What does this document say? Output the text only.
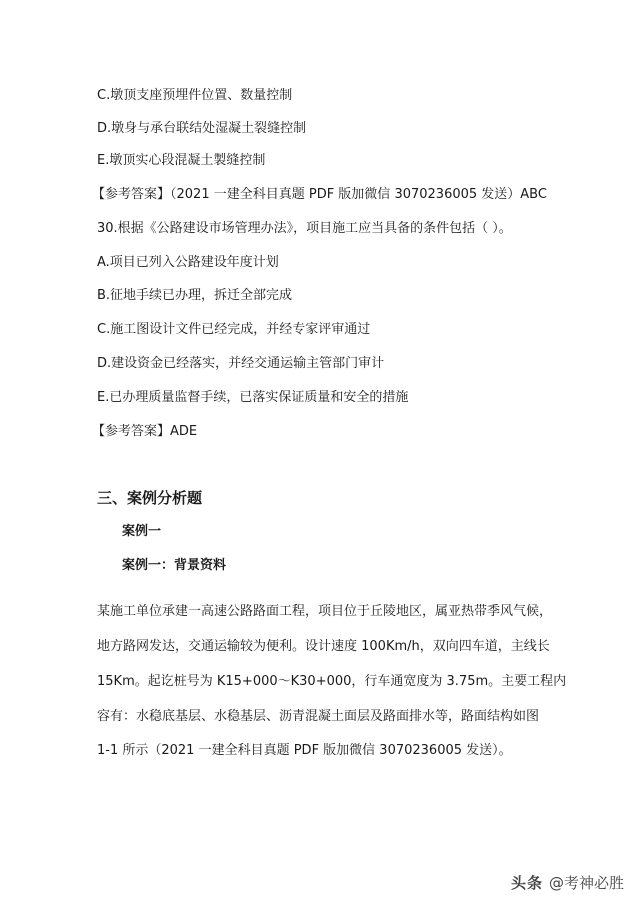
C.墩顶支座预埋件位置、数量控制
D.墩身与承台联结处湿凝土裂缝控制
E.墩顶实心段混凝土製缝控制
【参考答案】（2021 一建全科目真题 PDF 版加微信 3070236005 发送）ABC
30.根据《公路建设市场管理办法》，项目施工应当具备的条件包括（ ）。
A.项目已列入公路建设年度计划
B.征地手续已办理，拆迁全部完成
C.施工图设计文件已经完成，并经专家评审通过
D.建设资金已经落实，并经交通运输主管部门审计
E.已办理质量监督手续，已落实保证质量和安全的措施
【参考答案】ADE
三、案例分析题
案例一
案例一：背景资料
某施工单位承建一高速公路路面工程，项目位于丘陵地区，属亚热带季风气候，
地方路网发达，交通运输较为便利。设计速度 100Km/h，双向四车道，主线长
15Km。起讫桩号为 K15+000～K30+000，行车通宽度为 3.75m。主要工程内
容有：水稳底基层、水稳基层、沥青混凝土面层及路面排水等，路面结构如图
1-1 所示（2021 一建全科目真题 PDF 版加微信 3070236005 发送）。
头条 @考神必胜
